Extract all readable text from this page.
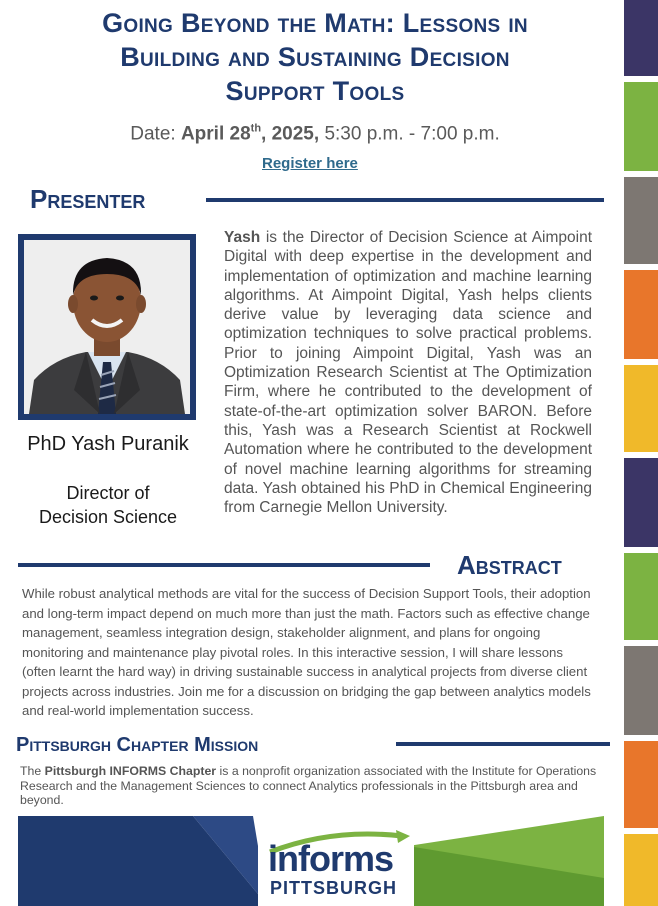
Going Beyond the Math: Lessons in
Building and Sustaining Decision
Support Tools
Date: April 28th, 2025, 5:30 p.m. - 7:00 p.m.
Register here
Presenter
PhD Yash Puranik
Director of
Decision Science
Yash is the Director of Decision Science at Aimpoint Digital with deep expertise in the development and implementation of optimization and machine learning algorithms. At Aimpoint Digital, Yash helps clients derive value by leveraging data science and optimization techniques to solve practical problems. Prior to joining Aimpoint Digital, Yash was an Optimization Research Scientist at The Optimization Firm, where he contributed to the development of state-of-the-art optimization solver BARON. Before this, Yash was a Research Scientist at Rockwell Automation where he contributed to the development of novel machine learning algorithms for streaming data. Yash obtained his PhD in Chemical Engineering from Carnegie Mellon University.
Abstract
While robust analytical methods are vital for the success of Decision Support Tools, their adoption and long-term impact depend on much more than just the math. Factors such as effective change management, seamless integration design, stakeholder alignment, and plans for ongoing monitoring and maintenance play pivotal roles. In this interactive session, I will share lessons (often learnt the hard way) in driving sustainable success in analytical projects from diverse client projects across industries. Join me for a discussion on bridging the gap between analytics models and real-world implementation success.
Pittsburgh Chapter Mission
The Pittsburgh INFORMS Chapter is a nonprofit organization associated with the Institute for Operations Research and the Management Sciences to connect Analytics professionals in the Pittsburgh area and beyond.
informs
PITTSBURGH
